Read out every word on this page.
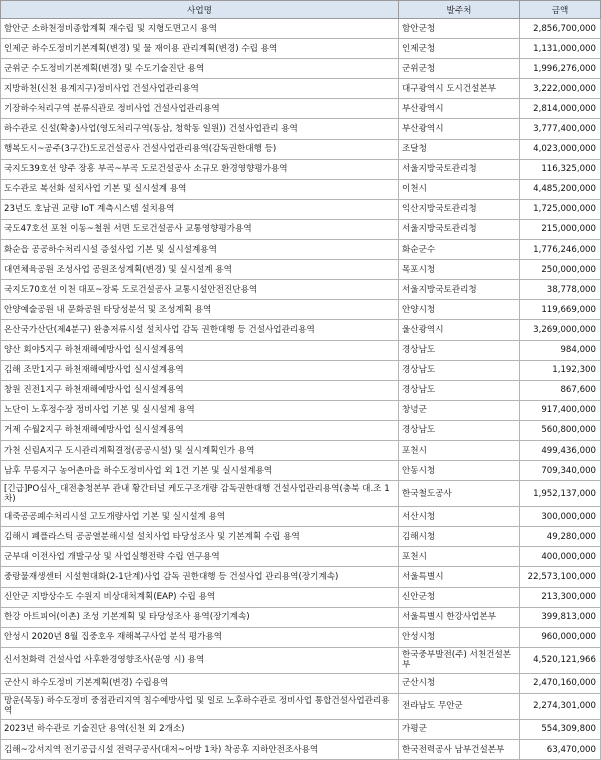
사업명	발주처	금액
함안군 소하천정비종합계획 재수립 및 지형도면고시 용역	함안군청	2,856,700,000
인제군 하수도정비기본계획(변경) 및 물 재이용 관리계획(변경) 수립 용역	인제군청	1,131,000,000
군위군 수도정비기본계획(변경) 및 수도기술진단 용역	군위군청	1,996,276,000
지방하천(신천 용계지구)정비사업 건설사업관리용역	대구광역시 도시건설본부	3,222,000,000
기장하수처리구역 분류식관로 정비사업 건설사업관리용역	부산광역시	2,814,000,000
하수관로 신설(확충)사업(영도처리구역(동삼, 청학동 일원)) 건설사업관리 용역	부산광역시	3,777,400,000
행복도시~공주(3구간)도로건설공사 건설사업관리용역(감독권한대행 등)	조달청	4,023,000,000
국지도39호선 양주 장흥 부곡~부곡 도로건설공사 소규모 환경영향평가용역	서울지방국토관리청	116,325,000
도수관로 복선화 설치사업 기본 및 실시설계 용역	이천시	4,485,200,000
23년도 호남권 교량 IoT 계측시스템 설치용역	익산지방국토관리청	1,725,000,000
국도47호선 포천 이동~철원 서면 도로건설공사 교통영향평가용역	서울지방국토관리청	215,000,000
화순읍 공공하수처리시설 증설사업 기본 및 실시설계용역	화순군수	1,776,246,000
대연체육공원 조성사업 공원조성계획(변경) 및 실시설계 용역	목포시청	250,000,000
국지도70호선 이천 대포~장록 도로건설공사 교통시설안전진단용역	서울지방국토관리청	38,778,000
안양예술공원 내 문화공원 타당성분석 및 조성계획 용역	안양시청	119,669,000
온산국가산단(제4분구) 완충저류시설 설치사업 감독 권한대행 등 건설사업관리용역	울산광역시	3,269,000,000
양산 회야5지구 하천재해예방사업 실시설계용역	경상남도	984,000
김해 조만1지구 하천재해예방사업 실시설계용역	경상남도	1,192,300
창원 진전1지구 하천재해예방사업 실시설계용역	경상남도	867,600
노단이 노후정수장 정비사업 기본 및 실시설계 용역	창녕군	917,400,000
거제 수월2지구 하천재해예방사업 실시설계용역	경상남도	560,800,000
가천 신림A지구 도시관리계획결정(공공시설) 및 실시계획인가 용역	포천시	499,436,000
남후 무릉지구 농어촌마을 하수도정비사업 외 1건 기본 및 실시설계용역	안동시청	709,340,000
[긴급]PO심사_대전충청본부 관내 황간터널 케도구조개량 감독권한대행 건설사업관리용역(충북 대.조 1차)	한국철도공사	1,952,137,000
대죽공공폐수처리시설 고도개량사업 기본 및 실시설계 용역	서산시청	300,000,000
김해시 폐플라스틱 공공열분해시설 설치사업 타당성조사 및 기본계획 수립 용역	김해시청	49,280,000
군부대 이전사업 개발구상 및 사업실행전략 수립 연구용역	포천시	400,000,000
중랑물재생센터 시설현대화(2-1단계)사업 감독 권한대행 등 건설사업 관리용역(장기계속)	서울특별시	22,573,100,000
신안군 지방상수도 수원지 비상대처계획(EAP) 수립 용역	신안군청	213,300,000
한강 아트피어(이촌) 조성 기본계획 및 타당성조사 용역(장기계속)	서울특별시 한강사업본부	399,813,000
안성시 2020년 8월 집중호우 재해복구사업 분석 평가용역	안성시청	960,000,000
신서천화력 건설사업 사후환경영향조사(운영 시) 용역	한국중부발전(주) 서천건설본부	4,520,121,966
군산시 하수도정비 기본계획(변경) 수립용역	군산시청	2,470,160,000
망운(목동) 하수도정비 중점관리지역 침수예방사업 및 일로 노후하수관로 정비사업 통합건설사업관리용역	전라남도 무안군	2,274,301,000
2023년 하수관로 기술진단 용역(신천 외 2개소)	가평군	554,309,800
김해~강서지역 전기공급시설 전력구공사(대저~어방 1차) 착공후 지하안전조사용역	한국전력공사 남부건설본부	63,470,000
